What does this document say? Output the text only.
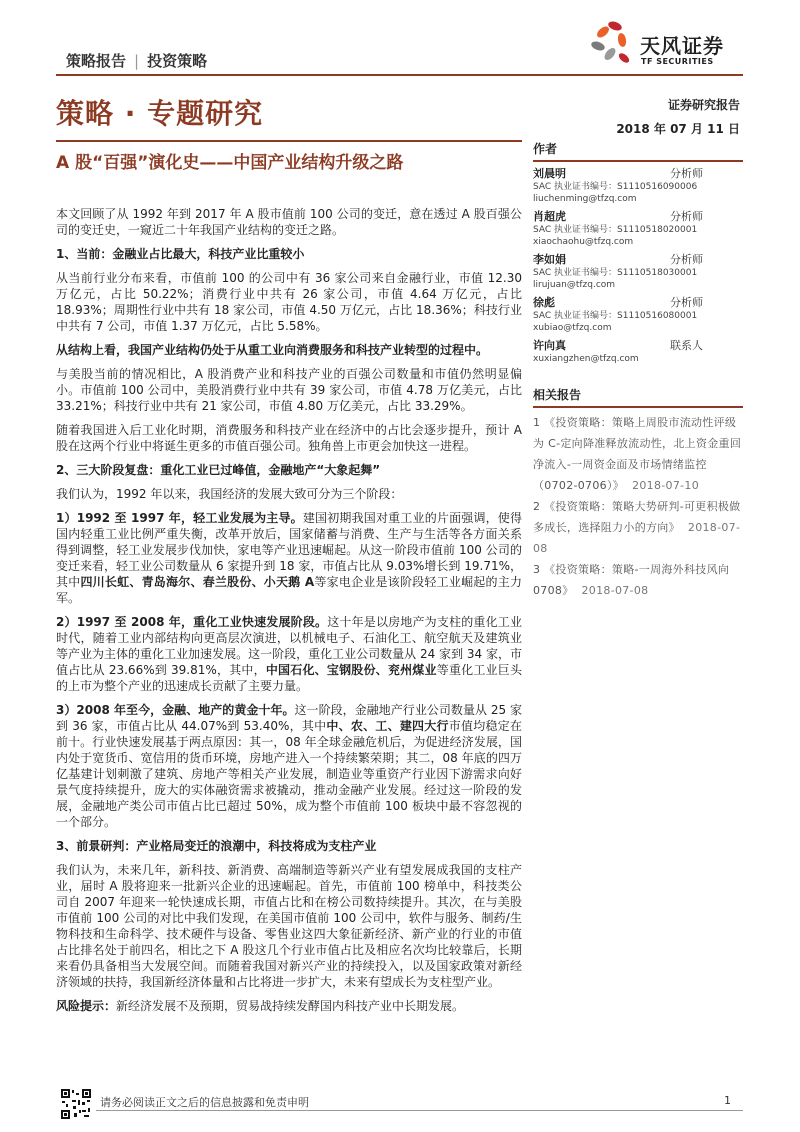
策略报告 | 投资策略
天风证券
TF SECURITIES
策略 · 专题研究	证券研究报告
2018 年 07 月 11 日
A 股“百强”演化史——中国产业结构升级之路
作者
刘晨明	分析师
SAC 执业证书编号：S1110516090006
liuchenming@tfzq.com
肖超虎	分析师
SAC 执业证书编号：S1110518020001
xiaochaohu@tfzq.com
李如娟	分析师
SAC 执业证书编号：S1110518030001
lirujuan@tfzq.com
徐彪	分析师
SAC 执业证书编号：S1110516080001
xubiao@tfzq.com
许向真	联系人
xuxiangzhen@tfzq.com
相关报告
1 《投资策略：策略上周股市流动性评级为 C-定向降准释放流动性，北上资金重回净流入-一周资金面及市场情绪监控（0702-0706）》 2018-07-10
2 《投资策略：策略大势研判-可更积极做多成长，选择阻力小的方向》 2018-07-08
3 《投资策略：策略-一周海外科技风向 0708》 2018-07-08

本文回顾了从 1992 年到 2017 年 A 股市值前 100 公司的变迁，意在透过 A 股百强公司的变迁史，一窥近二十年我国产业结构的变迁之路。

1、当前：金融业占比最大，科技产业比重较小

从当前行业分布来看，市值前 100 的公司中有 36 家公司来自金融行业，市值 12.30 万亿元，占比 50.22%；消费行业中共有 26 家公司，市值 4.64 万亿元，占比 18.93%；周期性行业中共有 18 家公司，市值 4.50 万亿元，占比 18.36%；科技行业中共有 7 公司，市值 1.37 万亿元，占比 5.58%。

从结构上看，我国产业结构仍处于从重工业向消费服务和科技产业转型的过程中。

与美股当前的情况相比，A 股消费产业和科技产业的百强公司数量和市值仍然明显偏小。市值前 100 公司中，美股消费行业中共有 39 家公司，市值 4.78 万亿美元，占比 33.21%；科技行业中共有 21 家公司，市值 4.80 万亿美元，占比 33.29%。

随着我国进入后工业化时期，消费服务和科技产业在经济中的占比会逐步提升，预计 A 股在这两个行业中将诞生更多的市值百强公司。独角兽上市更会加快这一进程。

2、三大阶段复盘：重化工业已过峰值，金融地产“大象起舞”

我们认为，1992 年以来，我国经济的发展大致可分为三个阶段：

1）1992 至 1997 年，轻工业发展为主导。建国初期我国对重工业的片面强调，使得国内轻重工业比例严重失衡，改革开放后，国家储蓄与消费、生产与生活等各方面关系得到调整，轻工业发展步伐加快，家电等产业迅速崛起。从这一阶段市值前 100 公司的变迁来看，轻工业公司数量从 6 家提升到 18 家，市值占比从 9.03%增长到 19.71%，其中四川长虹、青岛海尔、春兰股份、小天鹅 A等家电企业是该阶段轻工业崛起的主力军。

2）1997 至 2008 年，重化工业快速发展阶段。这十年是以房地产为支柱的重化工业时代，随着工业内部结构向更高层次演进，以机械电子、石油化工、航空航天及建筑业等产业为主体的重化工业加速发展。这一阶段，重化工业公司数量从 24 家到 34 家，市值占比从 23.66%到 39.81%，其中，中国石化、宝钢股份、兖州煤业等重化工业巨头的上市为整个产业的迅速成长贡献了主要力量。

3）2008 年至今，金融、地产的黄金十年。这一阶段，金融地产行业公司数量从 25 家到 36 家，市值占比从 44.07%到 53.40%，其中中、农、工、建四大行市值均稳定在前十。行业快速发展基于两点原因：其一，08 年全球金融危机后，为促进经济发展，国内处于宽货币、宽信用的货币环境，房地产进入一个持续繁荣期；其二，08 年底的四万亿基建计划刺激了建筑、房地产等相关产业发展，制造业等重资产行业因下游需求向好景气度持续提升，庞大的实体融资需求被撬动，推动金融产业发展。经过这一阶段的发展，金融地产类公司市值占比已超过 50%，成为整个市值前 100 板块中最不容忽视的一个部分。

3、前景研判：产业格局变迁的浪潮中，科技将成为支柱产业

我们认为，未来几年，新科技、新消费、高端制造等新兴产业有望发展成我国的支柱产业，届时 A 股将迎来一批新兴企业的迅速崛起。首先，市值前 100 榜单中，科技类公司自 2007 年迎来一轮快速成长期，市值占比和在榜公司数持续提升。其次，在与美股市值前 100 公司的对比中我们发现，在美国市值前 100 公司中，软件与服务、制药/生物科技和生命科学、技术硬件与设备、零售业这四大象征新经济、新产业的行业的市值占比排名处于前四名，相比之下 A 股这几个行业市值占比及相应名次均比较靠后，长期来看仍具备相当大发展空间。而随着我国对新兴产业的持续投入，以及国家政策对新经济领域的扶持，我国新经济体量和占比将进一步扩大，未来有望成长为支柱型产业。

风险提示：新经济发展不及预期，贸易战持续发酵国内科技产业中长期发展。

请务必阅读正文之后的信息披露和免责申明	1
